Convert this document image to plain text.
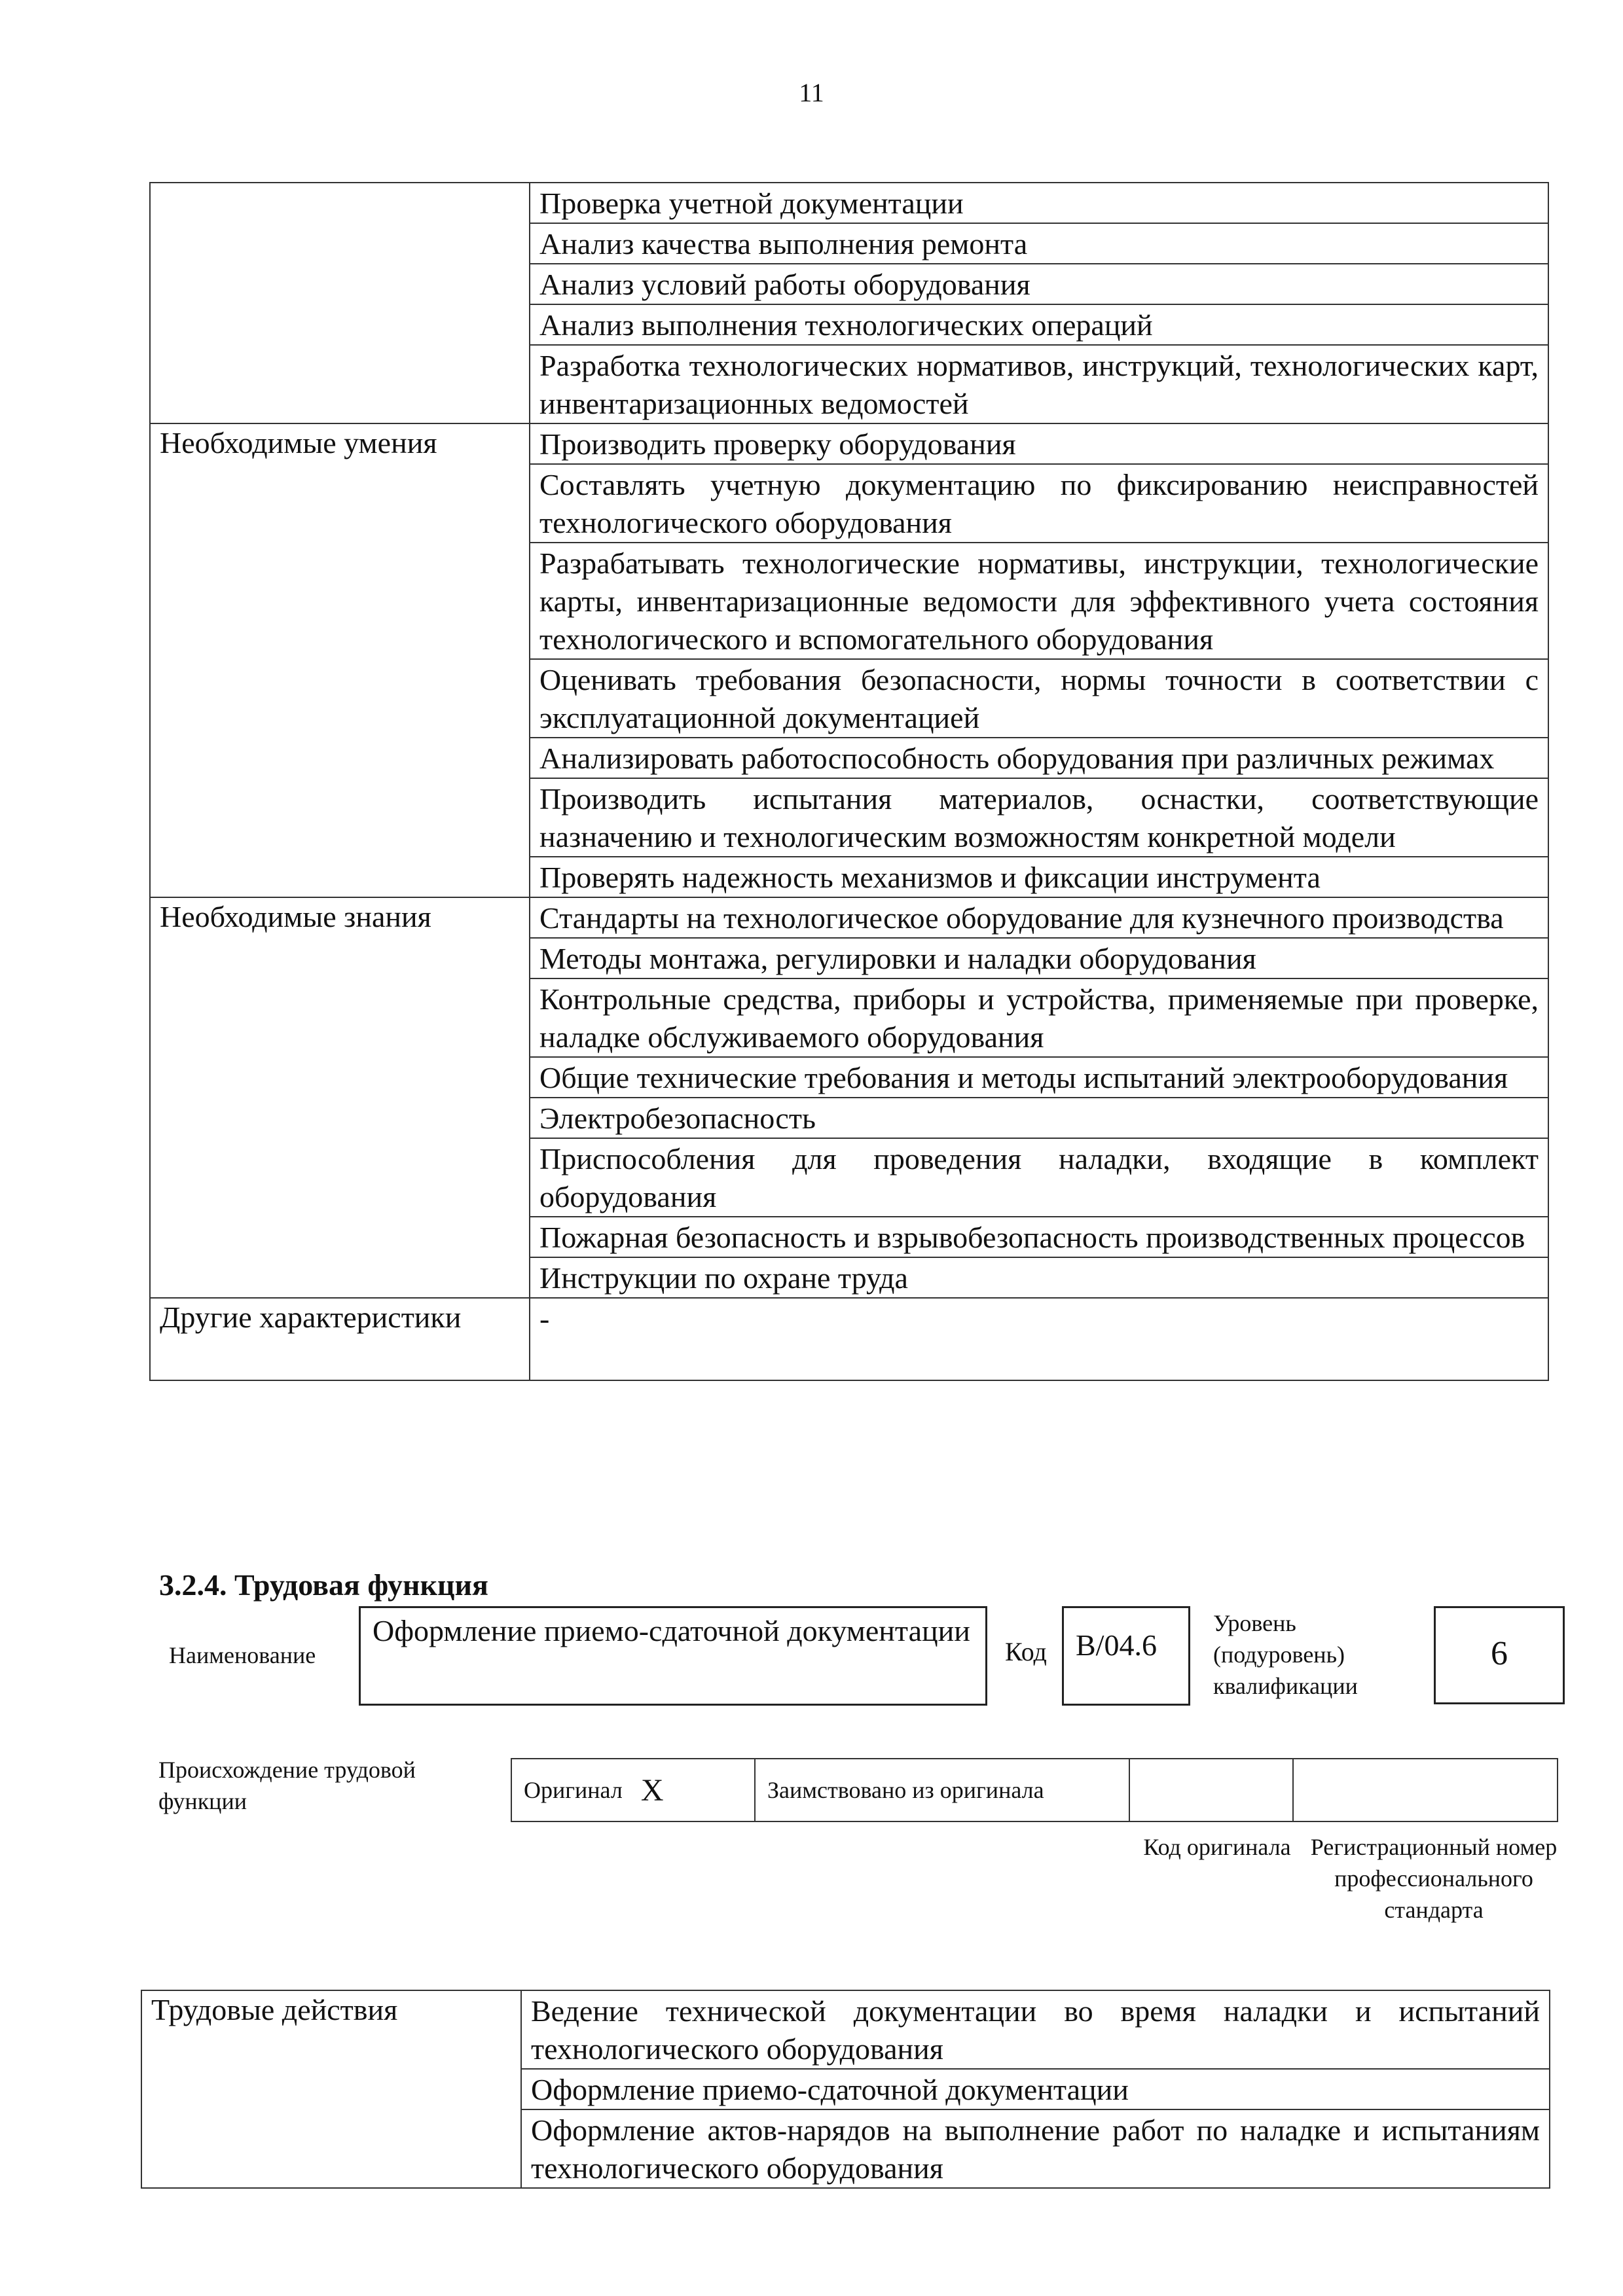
11
	Проверка учетной документации
	Анализ качества выполнения ремонта
	Анализ условий работы оборудования
	Анализ выполнения технологических операций
	Разработка технологических нормативов, инструкций, технологических карт, инвентаризационных ведомостей
Необходимые умения	Производить проверку оборудования
	Составлять учетную документацию по фиксированию неисправностей технологического оборудования
	Разрабатывать технологические нормативы, инструкции, технологические карты, инвентаризационные ведомости для эффективного учета состояния технологического и вспомогательного оборудования
	Оценивать требования безопасности, нормы точности в соответствии с эксплуатационной документацией
	Анализировать работоспособность оборудования при различных режимах
	Производить испытания материалов, оснастки, соответствующие назначению и технологическим возможностям конкретной модели
	Проверять надежность механизмов и фиксации инструмента
Необходимые знания	Стандарты на технологическое оборудование для кузнечного производства
	Методы монтажа, регулировки и наладки оборудования
	Контрольные средства, приборы и устройства, применяемые при проверке, наладке обслуживаемого оборудования
	Общие технические требования и методы испытаний электрооборудования
	Электробезопасность
	Приспособления для проведения наладки, входящие в комплект оборудования
	Пожарная безопасность и взрывобезопасность производственных процессов
	Инструкции по охране труда
Другие характеристики	-
3.2.4. Трудовая функция
Наименование
Оформление приемо-сдаточной документации
Код B/04.6
Уровень (подуровень) квалификации
6
Происхождение трудовой функции	Оригинал X	Заимствовано из оригинала
Код оригинала Регистрационный номер профессионального стандарта
Трудовые действия	Ведение технической документации во время наладки и испытаний технологического оборудования
Оформление приемо-сдаточной документации
Оформление актов-нарядов на выполнение работ по наладке и испытаниям технологического оборудования
